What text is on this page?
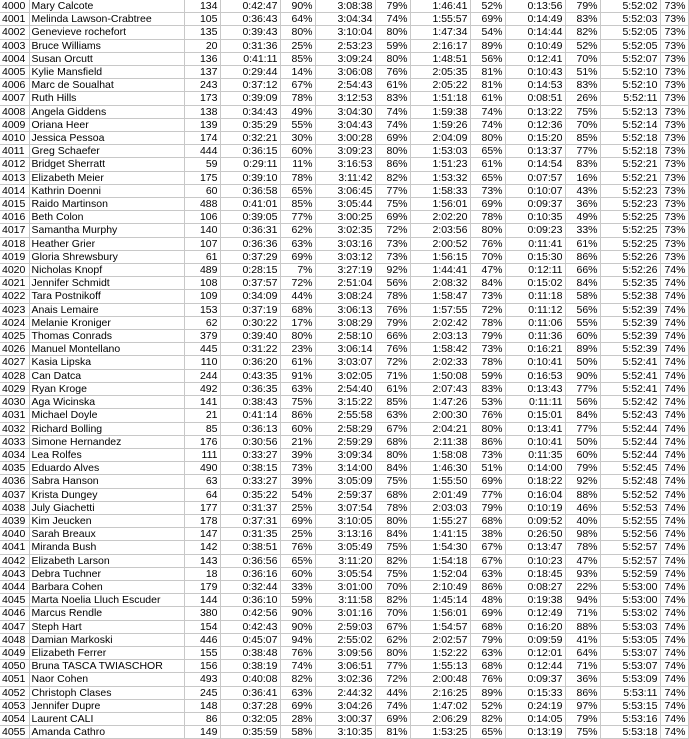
4000	Mary Calcote	134	0:42:47	90%	3:08:38	79%	1:46:41	52%	0:13:56	79%	5:52:02	73%
4001	Melinda Lawson-Crabtree	105	0:36:43	64%	3:04:34	74%	1:55:57	69%	0:14:49	83%	5:52:03	73%
4002	Genevieve rochefort	135	0:39:43	80%	3:10:04	80%	1:47:34	54%	0:14:44	82%	5:52:05	73%
4003	Bruce Williams	20	0:31:36	25%	2:53:23	59%	2:16:17	89%	0:10:49	52%	5:52:05	73%
4004	Susan Orcutt	136	0:41:11	85%	3:09:24	80%	1:48:51	56%	0:12:41	70%	5:52:07	73%
4005	Kylie Mansfield	137	0:29:44	14%	3:06:08	76%	2:05:35	81%	0:10:43	51%	5:52:10	73%
4006	Marc de Soualhat	243	0:37:12	67%	2:54:43	61%	2:05:22	81%	0:14:53	83%	5:52:10	73%
4007	Ruth Hills	173	0:39:09	78%	3:12:53	83%	1:51:18	61%	0:08:51	26%	5:52:11	73%
4008	Angela Giddens	138	0:34:43	49%	3:04:30	74%	1:59:38	74%	0:13:22	75%	5:52:13	73%
4009	Oriana Heer	139	0:35:29	55%	3:04:43	74%	1:59:26	74%	0:12:36	70%	5:52:14	73%
4010	Jessica Pessoa	174	0:32:21	30%	3:00:28	69%	2:04:09	80%	0:15:20	85%	5:52:18	73%
4011	Greg Schaefer	444	0:36:15	60%	3:09:23	80%	1:53:03	65%	0:13:37	77%	5:52:18	73%
4012	Bridget Sherratt	59	0:29:11	11%	3:16:53	86%	1:51:23	61%	0:14:54	83%	5:52:21	73%
4013	Elizabeth Meier	175	0:39:10	78%	3:11:42	82%	1:53:32	65%	0:07:57	16%	5:52:21	73%
4014	Kathrin Doenni	60	0:36:58	65%	3:06:45	77%	1:58:33	73%	0:10:07	43%	5:52:23	73%
4015	Raido Martinson	488	0:41:01	85%	3:05:44	75%	1:56:01	69%	0:09:37	36%	5:52:23	73%
4016	Beth Colon	106	0:39:05	77%	3:00:25	69%	2:02:20	78%	0:10:35	49%	5:52:25	73%
4017	Samantha Murphy	140	0:36:31	62%	3:02:35	72%	2:03:56	80%	0:09:23	33%	5:52:25	73%
4018	Heather Grier	107	0:36:36	63%	3:03:16	73%	2:00:52	76%	0:11:41	61%	5:52:25	73%
4019	Gloria Shrewsbury	61	0:37:29	69%	3:03:12	73%	1:56:15	70%	0:15:30	86%	5:52:26	73%
4020	Nicholas Knopf	489	0:28:15	7%	3:27:19	92%	1:44:41	47%	0:12:11	66%	5:52:26	74%
4021	Jennifer Schmidt	108	0:37:57	72%	2:51:04	56%	2:08:32	84%	0:15:02	84%	5:52:35	74%
4022	Tara Postnikoff	109	0:34:09	44%	3:08:24	78%	1:58:47	73%	0:11:18	58%	5:52:38	74%
4023	Anais Lemaire	153	0:37:19	68%	3:06:13	76%	1:57:55	72%	0:11:12	56%	5:52:39	74%
4024	Melanie Kroniger	62	0:30:22	17%	3:08:29	79%	2:02:42	78%	0:11:06	55%	5:52:39	74%
4025	Thomas Conrads	379	0:39:40	80%	2:58:10	66%	2:03:13	79%	0:11:36	60%	5:52:39	74%
4026	Manuel Montellano	445	0:31:22	23%	3:06:14	76%	1:58:42	73%	0:16:21	89%	5:52:39	74%
4027	Kasia Lipska	110	0:36:20	61%	3:03:07	72%	2:02:33	78%	0:10:41	50%	5:52:41	74%
4028	Can Datca	244	0:43:35	91%	3:02:05	71%	1:50:08	59%	0:16:53	90%	5:52:41	74%
4029	Ryan Kroge	492	0:36:35	63%	2:54:40	61%	2:07:43	83%	0:13:43	77%	5:52:41	74%
4030	Aga Wicinska	141	0:38:43	75%	3:15:22	85%	1:47:26	53%	0:11:11	56%	5:52:42	74%
4031	Michael Doyle	21	0:41:14	86%	2:55:58	63%	2:00:30	76%	0:15:01	84%	5:52:43	74%
4032	Richard Bolling	85	0:36:13	60%	2:58:29	67%	2:04:21	80%	0:13:41	77%	5:52:44	74%
4033	Simone Hernandez	176	0:30:56	21%	2:59:29	68%	2:11:38	86%	0:10:41	50%	5:52:44	74%
4034	Lea Rolfes	111	0:33:27	39%	3:09:34	80%	1:58:08	73%	0:11:35	60%	5:52:44	74%
4035	Eduardo Alves	490	0:38:15	73%	3:14:00	84%	1:46:30	51%	0:14:00	79%	5:52:45	74%
4036	Sabra Hanson	63	0:33:27	39%	3:05:09	75%	1:55:50	69%	0:18:22	92%	5:52:48	74%
4037	Krista Dungey	64	0:35:22	54%	2:59:37	68%	2:01:49	77%	0:16:04	88%	5:52:52	74%
4038	July Giachetti	177	0:31:37	25%	3:07:54	78%	2:03:03	79%	0:10:19	46%	5:52:53	74%
4039	Kim Jeucken	178	0:37:31	69%	3:10:05	80%	1:55:27	68%	0:09:52	40%	5:52:55	74%
4040	Sarah Breaux	147	0:31:35	25%	3:13:16	84%	1:41:15	38%	0:26:50	98%	5:52:56	74%
4041	Miranda Bush	142	0:38:51	76%	3:05:49	75%	1:54:30	67%	0:13:47	78%	5:52:57	74%
4042	Elizabeth Larson	143	0:36:56	65%	3:11:20	82%	1:54:18	67%	0:10:23	47%	5:52:57	74%
4043	Debra Tuchner	18	0:36:16	60%	3:05:54	75%	1:52:04	63%	0:18:45	93%	5:52:59	74%
4044	Barbara Cohen	179	0:32:44	33%	3:01:00	70%	2:10:49	86%	0:08:27	22%	5:53:00	74%
4045	Marta Noelia Lluch Escuder	144	0:36:10	59%	3:11:58	82%	1:45:14	48%	0:19:38	94%	5:53:00	74%
4046	Marcus Rendle	380	0:42:56	90%	3:01:16	70%	1:56:01	69%	0:12:49	71%	5:53:02	74%
4047	Steph Hart	154	0:42:43	90%	2:59:03	67%	1:54:57	68%	0:16:20	88%	5:53:03	74%
4048	Damian Markoski	446	0:45:07	94%	2:55:02	62%	2:02:57	79%	0:09:59	41%	5:53:05	74%
4049	Elizabeth Ferrer	155	0:38:48	76%	3:09:56	80%	1:52:22	63%	0:12:01	64%	5:53:07	74%
4050	Bruna TASCA TWIASCHOR	156	0:38:19	74%	3:06:51	77%	1:55:13	68%	0:12:44	71%	5:53:07	74%
4051	Naor Cohen	493	0:40:08	82%	3:02:36	72%	2:00:48	76%	0:09:37	36%	5:53:09	74%
4052	Christoph Clases	245	0:36:41	63%	2:44:32	44%	2:16:25	89%	0:15:33	86%	5:53:11	74%
4053	Jennifer Dupre	148	0:37:28	69%	3:04:26	74%	1:47:02	52%	0:24:19	97%	5:53:15	74%
4054	Laurent CALI	86	0:32:05	28%	3:00:37	69%	2:06:29	82%	0:14:05	79%	5:53:16	74%
4055	Amanda Cathro	149	0:35:59	58%	3:10:35	81%	1:53:25	65%	0:13:19	75%	5:53:18	74%
